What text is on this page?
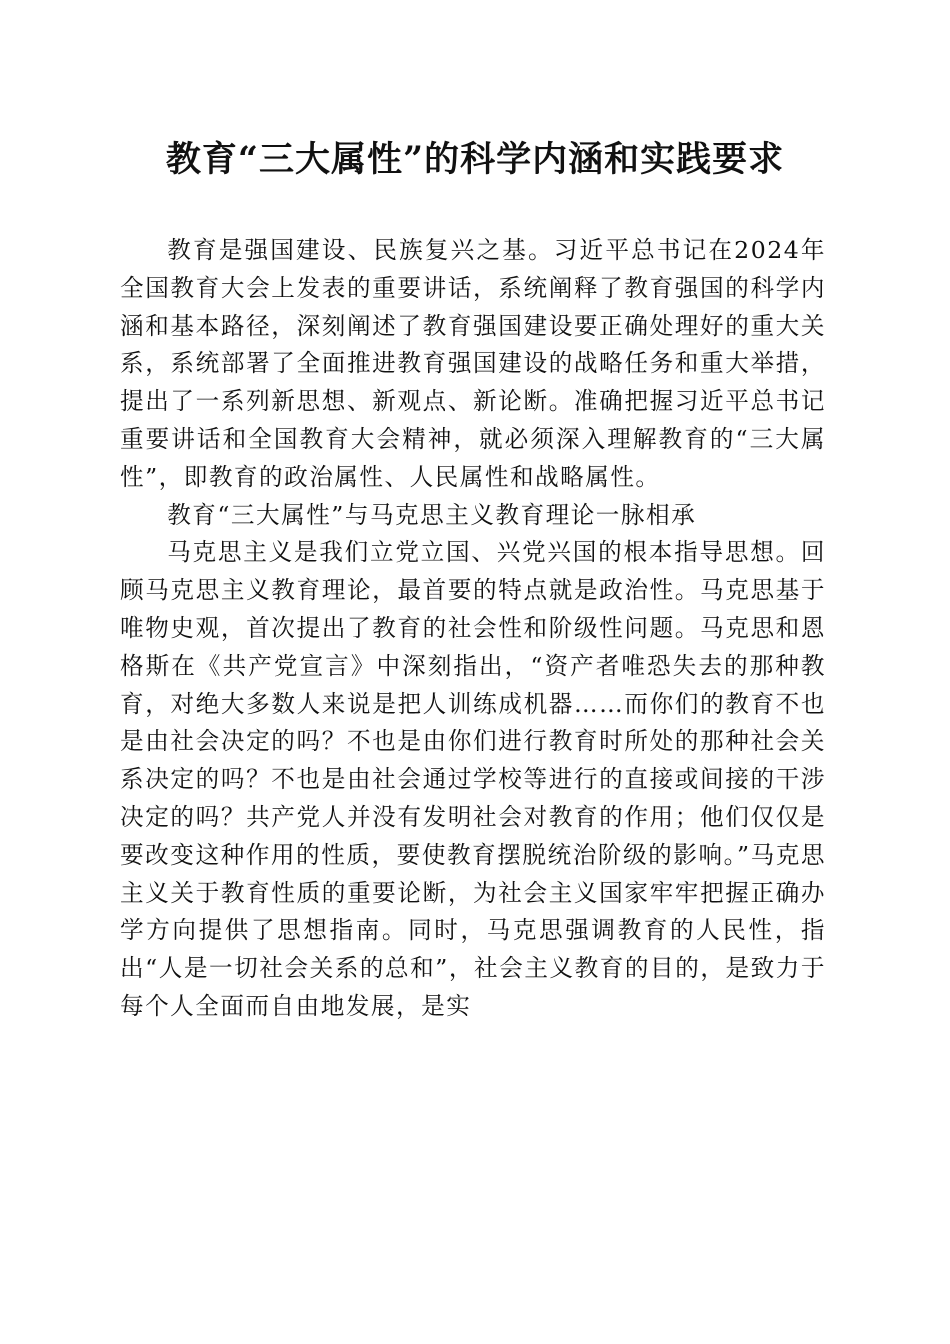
教育“三大属性”的科学内涵和实践要求

教育是强国建设、民族复兴之基。习近平总书记在2024年全国教育大会上发表的重要讲话，系统阐释了教育强国的科学内涵和基本路径，深刻阐述了教育强国建设要正确处理好的重大关系，系统部署了全面推进教育强国建设的战略任务和重大举措，提出了一系列新思想、新观点、新论断。准确把握习近平总书记重要讲话和全国教育大会精神，就必须深入理解教育的“三大属性”，即教育的政治属性、人民属性和战略属性。

教育“三大属性”与马克思主义教育理论一脉相承

马克思主义是我们立党立国、兴党兴国的根本指导思想。回顾马克思主义教育理论，最首要的特点就是政治性。马克思基于唯物史观，首次提出了教育的社会性和阶级性问题。马克思和恩格斯在《共产党宣言》中深刻指出，“资产者唯恐失去的那种教育，对绝大多数人来说是把人训练成机器……而你们的教育不也是由社会决定的吗？不也是由你们进行教育时所处的那种社会关系决定的吗？不也是由社会通过学校等进行的直接或间接的干涉决定的吗？共产党人并没有发明社会对教育的作用；他们仅仅是要改变这种作用的性质，要使教育摆脱统治阶级的影响。”马克思主义关于教育性质的重要论断，为社会主义国家牢牢把握正确办学方向提供了思想指南。同时，马克思强调教育的人民性，指出“人是一切社会关系的总和”，社会主义教育的目的，是致力于每个人全面而自由地发展，是实
